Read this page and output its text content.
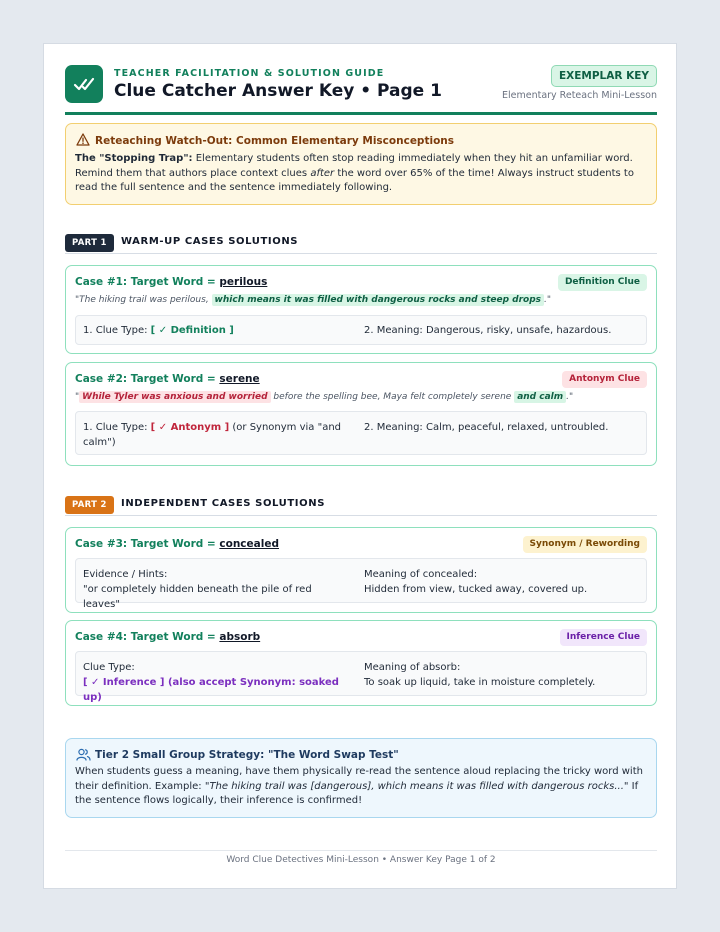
TEACHER FACILITATION & SOLUTION GUIDE
Clue Catcher Answer Key • Page 1
EXEMPLAR KEY
Elementary Reteach Mini-Lesson
Reteaching Watch-Out: Common Elementary Misconceptions
The "Stopping Trap": Elementary students often stop reading immediately when they hit an unfamiliar word. Remind them that authors place context clues after the word over 65% of the time! Always instruct students to read the full sentence and the sentence immediately following.
PART 1	WARM-UP CASES SOLUTIONS
Case #1: Target Word = perilous	Definition Clue
"The hiking trail was perilous, which means it was filled with dangerous rocks and steep drops ."
1. Clue Type: [ ✓ Definition ]	2. Meaning: Dangerous, risky, unsafe, hazardous.
Case #2: Target Word = serene	Antonym Clue
" While Tyler was anxious and worried before the spelling bee, Maya felt completely serene and calm ."
1. Clue Type: [ ✓ Antonym ] (or Synonym via "and calm")
2. Meaning: Calm, peaceful, relaxed, untroubled.
PART 2	INDEPENDENT CASES SOLUTIONS
Case #3: Target Word = concealed	Synonym / Rewording
Evidence / Hints:
"or completely hidden beneath the pile of red leaves"
Meaning of concealed:
Hidden from view, tucked away, covered up.
Case #4: Target Word = absorb	Inference Clue
Clue Type:
[ ✓ Inference ] (also accept Synonym: soaked up)
Meaning of absorb:
To soak up liquid, take in moisture completely.
Tier 2 Small Group Strategy: "The Word Swap Test"
When students guess a meaning, have them physically re-read the sentence aloud replacing the tricky word with their definition. Example: "The hiking trail was [dangerous], which means it was filled with dangerous rocks..." If the sentence flows logically, their inference is confirmed!
Word Clue Detectives Mini-Lesson • Answer Key Page 1 of 2
